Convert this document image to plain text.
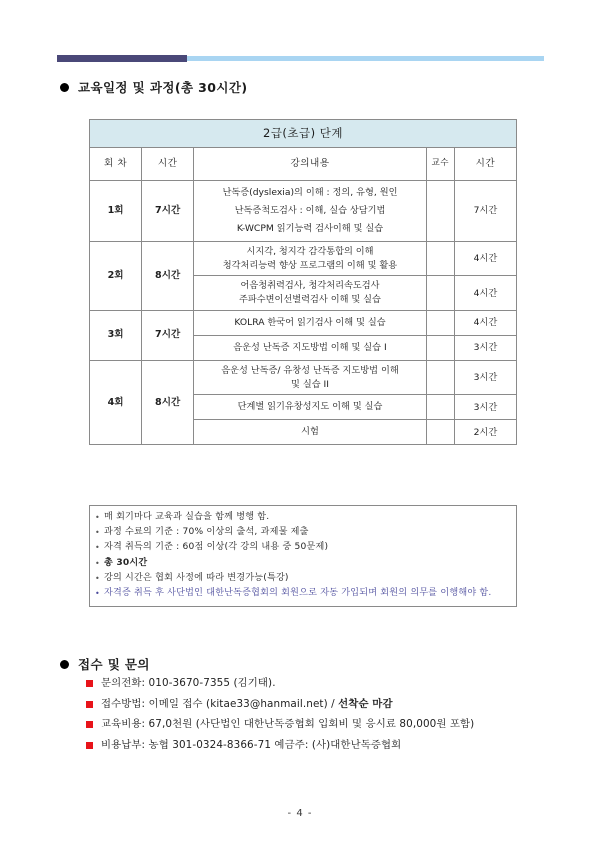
교육일정 및 과정(총 30시간)
2급(초급) 단계				
회 차	시간	강의내용	교수	시간
1회	7시간	난독증(dyslexia)의 이해 : 정의, 유형, 원인
난독증척도검사 : 이해, 실습 상담기법
K-WCPM 읽기능력 검사이해 및 실습		7시간
2회	8시간	시지각, 청지각 감각통합의 이해
청각처리능력 향상 프로그램의 이해 및 활용		4시간

		어음청취력검사, 청각처리속도검사
주파수변이선별력검사 이해 및 실습		4시간
3회	7시간	KOLRA 한국어 읽기검사 이해 및 실습		4시간

		음운성 난독증 지도방법 이해 및 실습 I		3시간
4회	8시간	음운성 난독증/ 유창성 난독증 지도방법 이해
및 실습 II		3시간

		단계별 읽기유창성지도 이해 및 실습		3시간

		시험		2시간
• 매 회기마다 교육과 실습을 함께 병행 함.
• 과정 수료의 기준 : 70% 이상의 출석, 과제물 제출
• 자격 취득의 기준 : 60점 이상(각 강의 내용 중 50문제)
• 총 30시간
• 강의 시간은 협회 사정에 따라 변경가능(특강)
• 자격증 취득 후 사단법인 대한난독증협회의 회원으로 자동 가입되며 회원의 의무를 이행해야 함.
접수 및 문의
문의전화: 010-3670-7355 (김기태).
접수방법: 이메일 접수 (kitae33@hanmail.net) / 선착순 마감
교육비용: 67,0천원 (사단법인 대한난독증협회 입회비 및 응시료 80,000원 포함)
비용납부: 농협 301-0324-8366-71 예금주: (사)대한난독증협회
- 4 -
